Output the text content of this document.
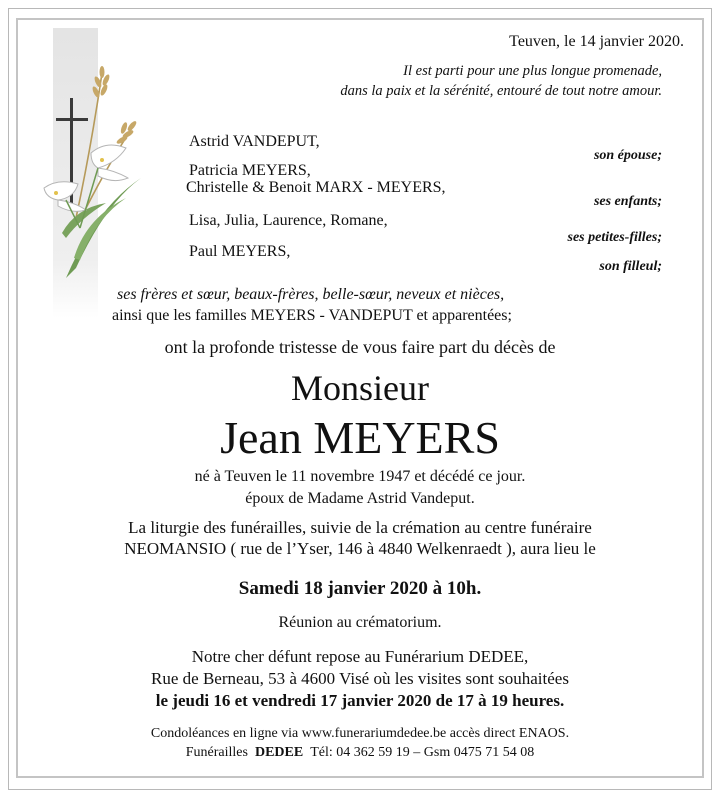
Teuven, le 14 janvier 2020.
Il est parti pour une plus longue promenade,
dans la paix et la sérénité, entouré de tout notre amour.
Astrid VANDEPUT,
son épouse;
Patricia MEYERS,
Christelle & Benoit MARX - MEYERS,
ses enfants;
Lisa, Julia, Laurence, Romane,
ses petites-filles;
Paul MEYERS,
son filleul;
ses frères et sœur, beaux-frères, belle-sœur, neveux et nièces,
ainsi que les familles MEYERS - VANDEPUT et apparentées;
ont la profonde tristesse de vous faire part du décès de
Monsieur
Jean MEYERS
né à Teuven le 11 novembre 1947 et décédé ce jour.
époux de Madame Astrid Vandeput.
La liturgie des funérailles, suivie de la crémation au centre funéraire
NEOMANSIO ( rue de l’Yser, 146 à 4840 Welkenraedt ), aura lieu le
Samedi 18 janvier 2020 à 10h.
Réunion au crématorium.
Notre cher défunt repose au Funérarium DEDEE,
Rue de Berneau, 53 à 4600 Visé où les visites sont souhaitées
le jeudi 16 et vendredi 17 janvier 2020 de 17 à 19 heures.
Condoléances en ligne via www.funerariumdedee.be accès direct ENAOS.
Funérailles DEDEE Tél: 04 362 59 19 – Gsm 0475 71 54 08
